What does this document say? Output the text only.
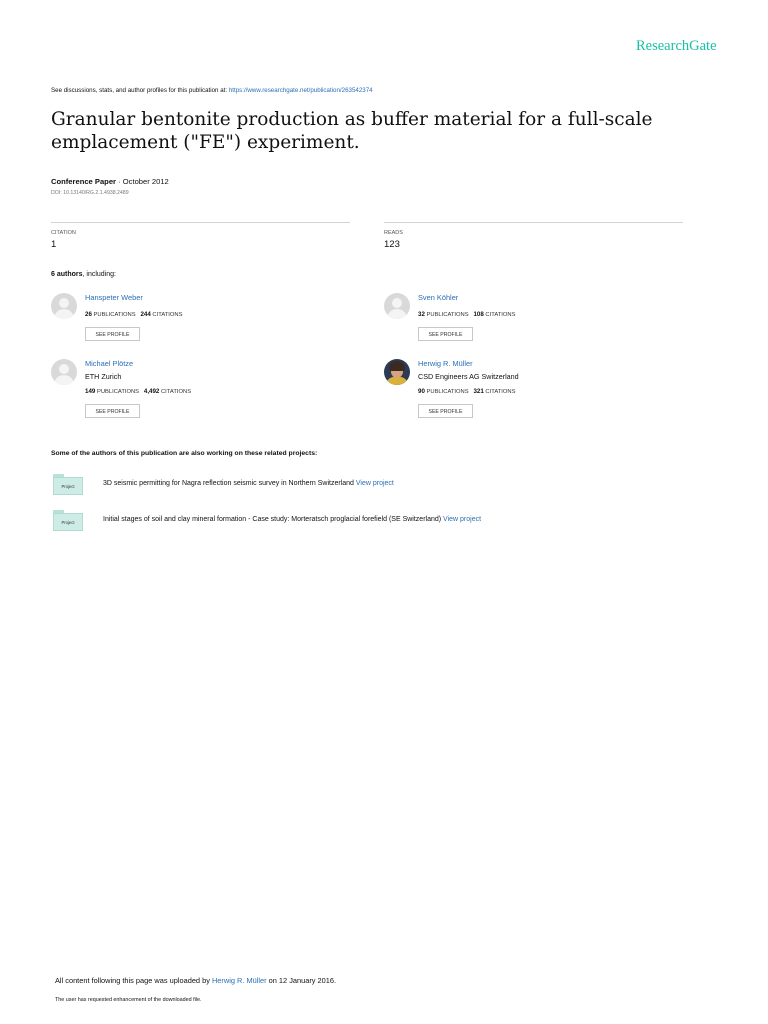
ResearchGate
See discussions, stats, and author profiles for this publication at: https://www.researchgate.net/publication/263542374
Granular bentonite production as buffer material for a full-scale emplacement ("FE") experiment.
Conference Paper · October 2012
DOI: 10.13140/RG.2.1.4938.2489
CITATION
1
READS
123
6 authors, including:
Hanspeter Weber
26 PUBLICATIONS 244 CITATIONS
SEE PROFILE
Sven Köhler
32 PUBLICATIONS 108 CITATIONS
SEE PROFILE
Michael Plötze
ETH Zurich
149 PUBLICATIONS 4,492 CITATIONS
SEE PROFILE
Herwig R. Müller
CSD Engineers AG Switzerland
90 PUBLICATIONS 321 CITATIONS
SEE PROFILE
Some of the authors of this publication are also working on these related projects:
Project	3D seismic permitting for Nagra reflection seismic survey in Northern Switzerland View project
Project	Initial stages of soil and clay mineral formation - Case study: Morteratsch proglacial forefield (SE Switzerland) View project
All content following this page was uploaded by Herwig R. Müller on 12 January 2016.
The user has requested enhancement of the downloaded file.
